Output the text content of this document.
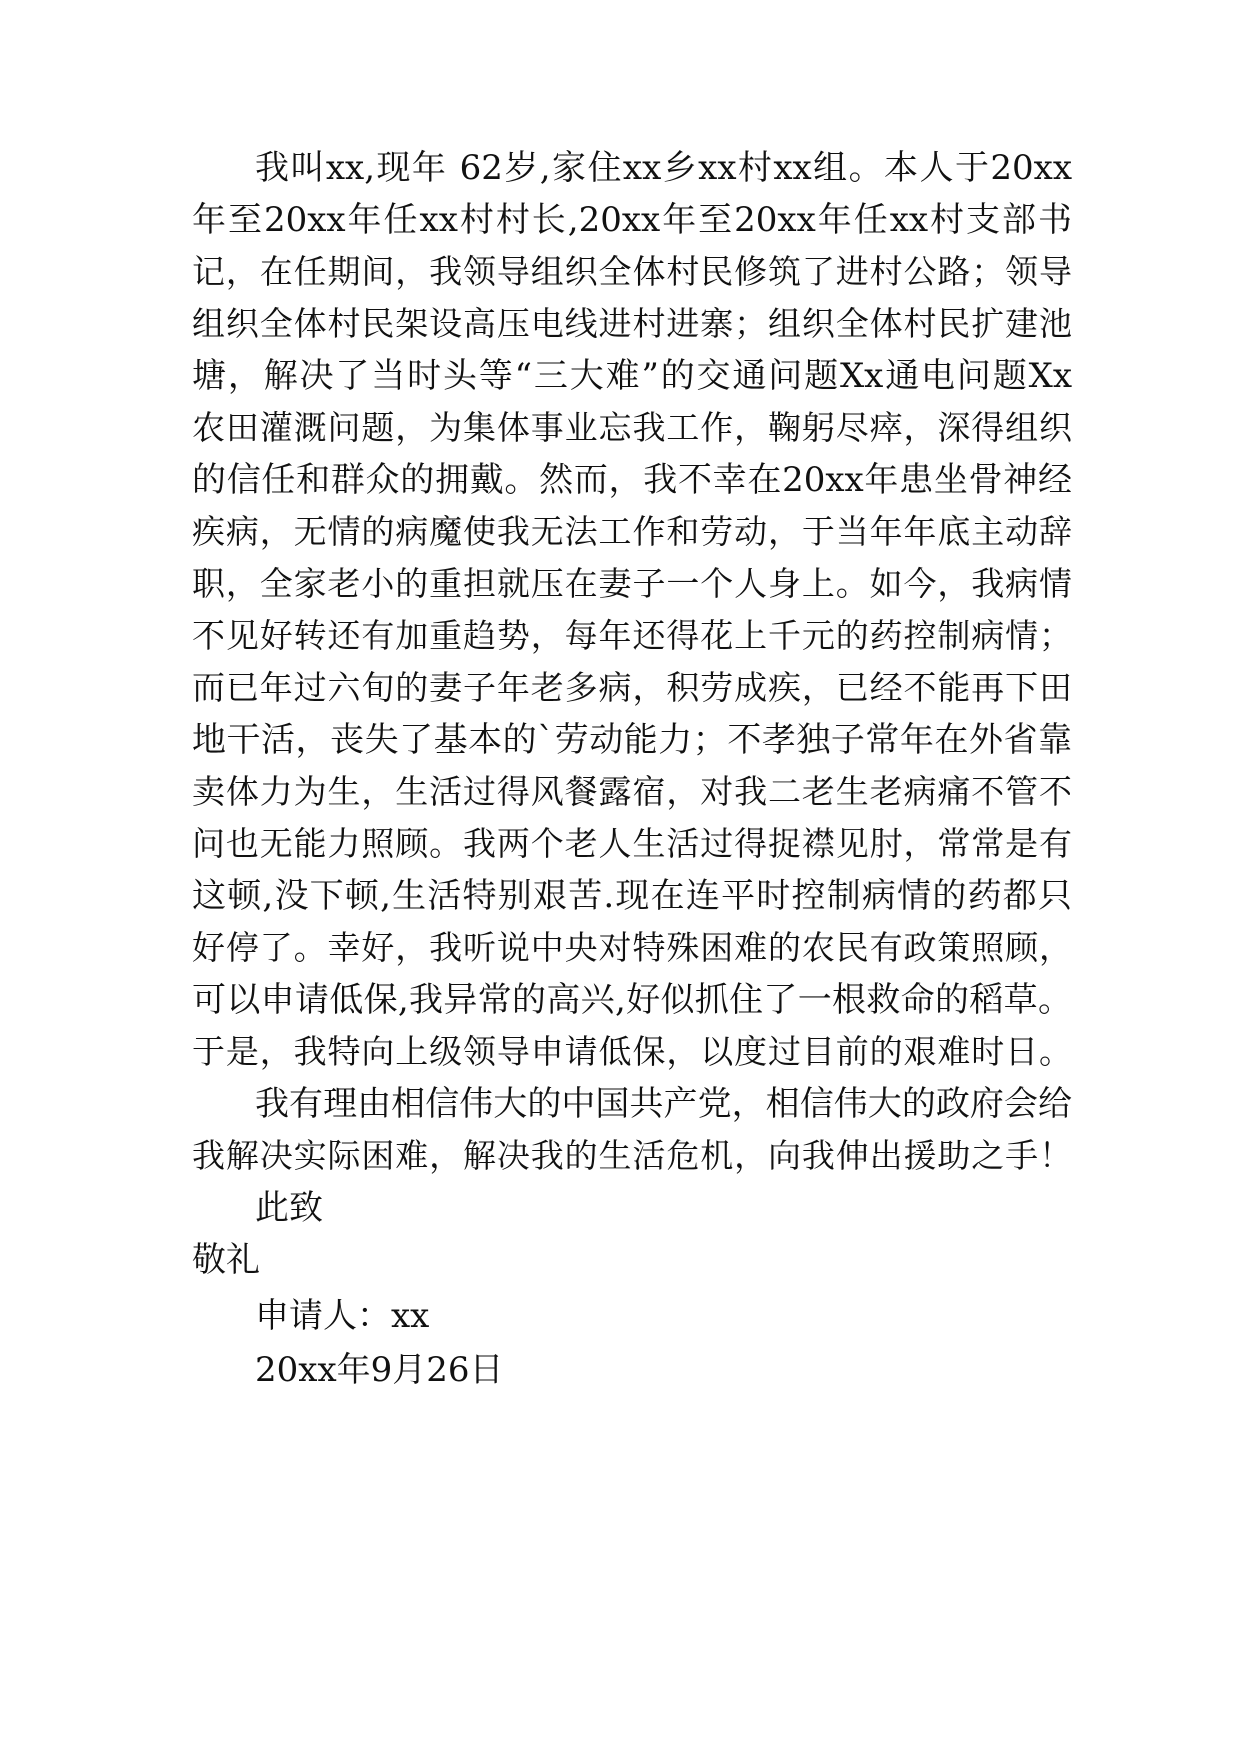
我叫xx,现年 62岁,家住xx乡xx村xx组。本人于20xx
年至20xx年任xx村村长,20xx年至20xx年任xx村支部书
记，在任期间，我领导组织全体村民修筑了进村公路；领导
组织全体村民架设高压电线进村进寨；组织全体村民扩建池
塘，解决了当时头等“三大难”的交通问题Xx通电问题Xx
农田灌溉问题，为集体事业忘我工作，鞠躬尽瘁，深得组织
的信任和群众的拥戴。然而，我不幸在20xx年患坐骨神经
疾病，无情的病魔使我无法工作和劳动，于当年年底主动辞
职，全家老小的重担就压在妻子一个人身上。如今，我病情
不见好转还有加重趋势，每年还得花上千元的药控制病情；
而已年过六旬的妻子年老多病，积劳成疾，已经不能再下田
地干活，丧失了基本的`劳动能力；不孝独子常年在外省靠
卖体力为生，生活过得风餐露宿，对我二老生老病痛不管不
问也无能力照顾。我两个老人生活过得捉襟见肘，常常是有
这顿,没下顿,生活特别艰苦.现在连平时控制病情的药都只
好停了。幸好，我听说中央对特殊困难的农民有政策照顾，
可以申请低保,我异常的高兴,好似抓住了一根救命的稻草。
于是，我特向上级领导申请低保，以度过目前的艰难时日。
我有理由相信伟大的中国共产党，相信伟大的政府会给
我解决实际困难，解决我的生活危机，向我伸出援助之手！
此致
敬礼
申请人：xx
20xx年9月26日
